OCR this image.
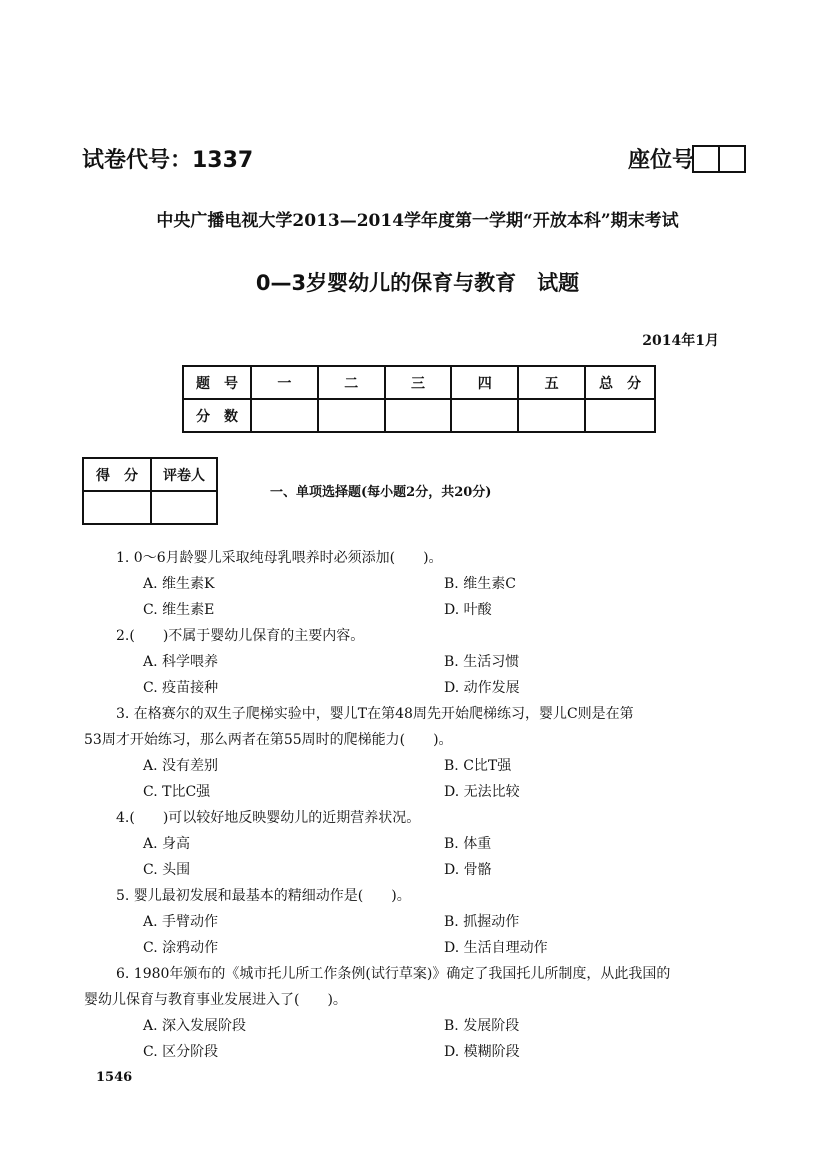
试卷代号：1337	座位号
中央广播电视大学2013—2014学年度第一学期“开放本科”期末考试
0—3岁婴幼儿的保育与教育　试题
2014年1月
题　号	一	二	三	四	五	总　分
分　数						
得　分	评卷人

一、单项选择题(每小题2分，共20分)
1. 0～6月龄婴儿采取纯母乳喂养时必须添加(　　)。
A. 维生素K	B. 维生素C
C. 维生素E	D. 叶酸
2.(　　)不属于婴幼儿保育的主要内容。
A. 科学喂养	B. 生活习惯
C. 疫苗接种	D. 动作发展
3. 在格赛尔的双生子爬梯实验中，婴儿T在第48周先开始爬梯练习，婴儿C则是在第
53周才开始练习，那么两者在第55周时的爬梯能力(　　)。
A. 没有差别	B. C比T强
C. T比C强	D. 无法比较
4.(　　)可以较好地反映婴幼儿的近期营养状况。
A. 身高	B. 体重
C. 头围	D. 骨骼
5. 婴儿最初发展和最基本的精细动作是(　　)。
A. 手臂动作	B. 抓握动作
C. 涂鸦动作	D. 生活自理动作
6. 1980年颁布的《城市托儿所工作条例(试行草案)》确定了我国托儿所制度，从此我国的
婴幼儿保育与教育事业发展进入了(　　)。
A. 深入发展阶段	B. 发展阶段
C. 区分阶段	D. 模糊阶段
1546
